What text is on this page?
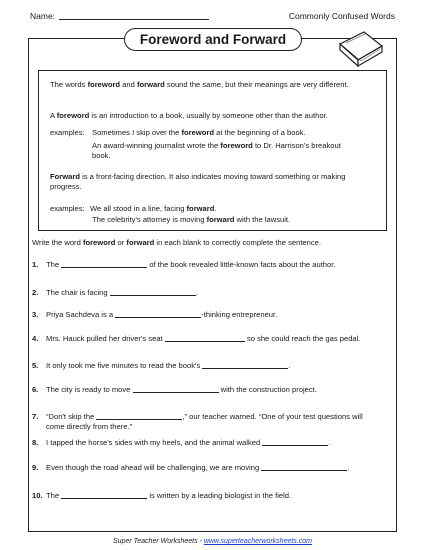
Name:	Commonly Confused Words
Foreword and Forward
The words foreword and forward sound the same, but their meanings are very different.
A foreword is an introduction to a book, usually by someone other than the author.
examples: Sometimes I skip over the foreword at the beginning of a book.
An award-winning journalist wrote the foreword to Dr. Harrison's breakout book.
Forward is a front-facing direction. It also indicates moving toward something or making progress.
examples: We all stood in a line, facing forward.
The celebrity's attorney is moving forward with the lawsuit.
Write the word foreword or forward in each blank to correctly complete the sentence.
1. The	of the book revealed little-known facts about the author.
2. The chair is facing	.
3. Priya Sachdeva is a	-thinking entrepreneur.
4. Mrs. Hauck pulled her driver's seat	so she could reach the gas pedal.
5. It only took me five minutes to read the book's	.
6. The city is ready to move	with the construction project.
7. “Don't skip the	,” our teacher warned. “One of your test questions will come directly from there.”
8. I tapped the horse's sides with my heels, and the animal walked	.
9. Even though the road ahead will be challenging, we are moving	.
10. The	is written by a leading biologist in the field.
Super Teacher Worksheets - www.superteacherworksheets.com
